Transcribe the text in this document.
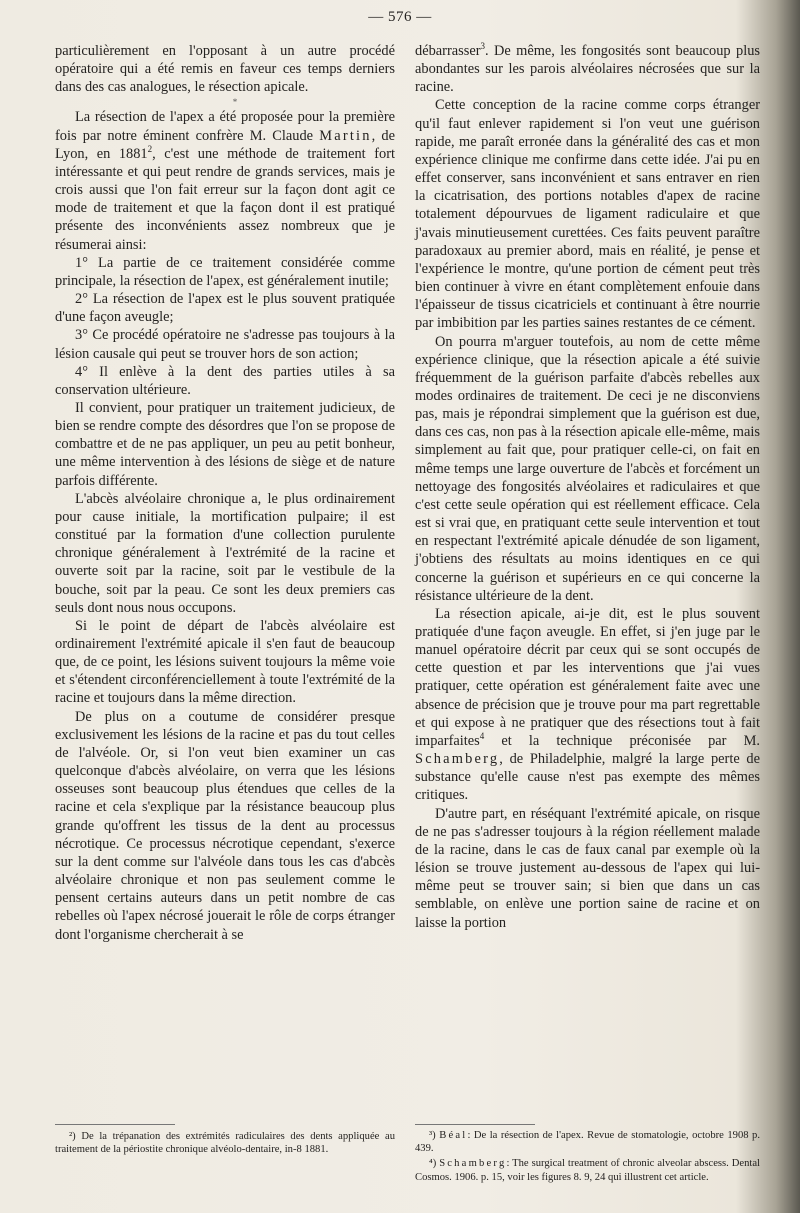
— 576 —

particulièrement en l'opposant à un autre procédé opératoire qui a été remis en faveur ces temps derniers dans des cas analogues, le résection apicale.

*

La résection de l'apex a été proposée pour la première fois par notre éminent confrère M. Claude Martin, de Lyon, en 1881$^2$, c'est une méthode de traitement fort intéressante et qui peut rendre de grands services, mais je crois aussi que l'on fait erreur sur la façon dont agit ce mode de traitement et que la façon dont il est pratiqué présente des inconvénients assez nombreux que je résumerai ainsi:

1° La partie de ce traitement considérée comme principale, la résection de l'apex, est généralement inutile;

2° La résection de l'apex est le plus souvent pratiquée d'une façon aveugle;

3° Ce procédé opératoire ne s'adresse pas toujours à la lésion causale qui peut se trouver hors de son action;

4° Il enlève à la dent des parties utiles à sa conservation ultérieure.

Il convient, pour pratiquer un traitement judicieux, de bien se rendre compte des désordres que l'on se propose de combattre et de ne pas appliquer, un peu au petit bonheur, une même intervention à des lésions de siège et de nature parfois différente.

L'abcès alvéolaire chronique a, le plus ordinairement pour cause initiale, la mortification pulpaire; il est constitué par la formation d'une collection purulente chronique généralement à l'extrémité de la racine et ouverte soit par la racine, soit par le vestibule de la bouche, soit par la peau. Ce sont les deux premiers cas seuls dont nous nous occupons.

Si le point de départ de l'abcès alvéolaire est ordinairement l'extrémité apicale il s'en faut de beaucoup que, de ce point, les lésions suivent toujours la même voie et s'étendent circonférenciellement à toute l'extrémité de la racine et toujours dans la même direction.

De plus on a coutume de considérer presque exclusivement les lésions de la racine et pas du tout celles de l'alvéole. Or, si l'on veut bien examiner un cas quelconque d'abcès alvéolaire, on verra que les lésions osseuses sont beaucoup plus étendues que celles de la racine et cela s'explique par la résistance beaucoup plus grande qu'offrent les tissus de la dent au processus nécrotique. Ce processus nécrotique cependant, s'exerce sur la dent comme sur l'alvéole dans tous les cas d'abcès alvéolaire chronique et non pas seulement comme le pensent certains auteurs dans un petit nombre de cas rebelles où l'apex nécrosé jouerait le rôle de corps étranger dont l'organisme chercherait à se

²) De la trépanation des extrémités radiculaires des dents appliquée au traitement de la périostite chronique alvéolo-dentaire, in-8 1881.

débarrasser$^3$. De même, les fongosités sont beaucoup plus abondantes sur les parois alvéolaires nécrosées que sur la racine.

Cette conception de la racine comme corps étranger qu'il faut enlever rapidement si l'on veut une guérison rapide, me paraît erronée dans la généralité des cas et mon expérience clinique me confirme dans cette idée. J'ai pu en effet conserver, sans inconvénient et sans entraver en rien la cicatrisation, des portions notables d'apex de racine totalement dépourvues de ligament radiculaire et que j'avais minutieusement curettées. Ces faits peuvent paraître paradoxaux au premier abord, mais en réalité, je pense et l'expérience le montre, qu'une portion de cément peut très bien continuer à vivre en étant complètement enfouie dans l'épaisseur de tissus cicatriciels et continuant à être nourrie par imbibition par les parties saines restantes de ce cément.

On pourra m'arguer toutefois, au nom de cette même expérience clinique, que la résection apicale a été suivie fréquemment de la guérison parfaite d'abcès rebelles aux modes ordinaires de traitement. De ceci je ne disconviens pas, mais je répondrai simplement que la guérison est due, dans ces cas, non pas à la résection apicale elle-même, mais simplement au fait que, pour pratiquer celle-ci, on fait en même temps une large ouverture de l'abcès et forcément un nettoyage des fongosités alvéolaires et radiculaires et que c'est cette seule opération qui est réellement efficace. Cela est si vrai que, en pratiquant cette seule intervention et tout en respectant l'extrémité apicale dénudée de son ligament, j'obtiens des résultats au moins identiques en ce qui concerne la guérison et supérieurs en ce qui concerne la résistance ultérieure de la dent.

La résection apicale, ai-je dit, est le plus souvent pratiquée d'une façon aveugle. En effet, si j'en juge par le manuel opératoire décrit par ceux qui se sont occupés de cette question et par les interventions que j'ai vues pratiquer, cette opération est généralement faite avec une absence de précision que je trouve pour ma part regrettable et qui expose à ne pratiquer que des résections tout à fait imparfaites$^4$ et la technique préconisée par M. Schamberg, de Philadelphie, malgré la large perte de substance qu'elle cause n'est pas exempte des mêmes critiques.

D'autre part, en réséquant l'extrémité apicale, on risque de ne pas s'adresser toujours à la région réellement malade de la racine, dans le cas de faux canal par exemple où la lésion se trouve justement au-dessous de l'apex qui lui-même peut se trouver sain; si bien que dans un cas semblable, on enlève une portion saine de racine et on laisse la portion

³) Béal: De la résection de l'apex. Revue de stomatologie, octobre 1908 p. 439.

⁴) Schamberg: The surgical treatment of chronic alveolar abscess. Dental Cosmos. 1906. p. 15, voir les figures 8. 9, 24 qui illustrent cet article.
